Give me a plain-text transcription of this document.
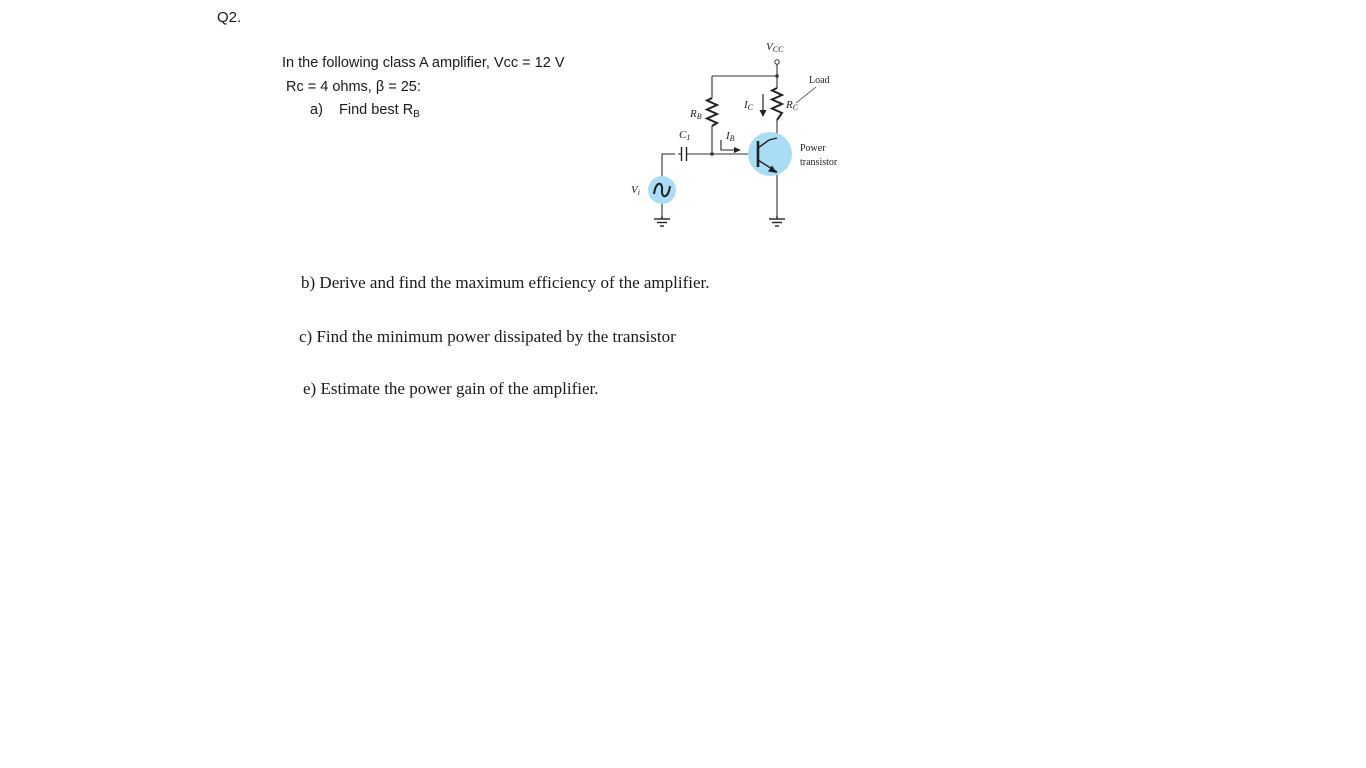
Q2.
In the following class A amplifier, Vcc = 12 V
Rc = 4 ohms, β = 25:
a) Find best $R_B$
VCC
RB
RC
Load
IC
C1	IB
Power
transistor
Vi
b) Derive and find the maximum efficiency of the amplifier.
c) Find the minimum power dissipated by the transistor
e) Estimate the power gain of the amplifier.
